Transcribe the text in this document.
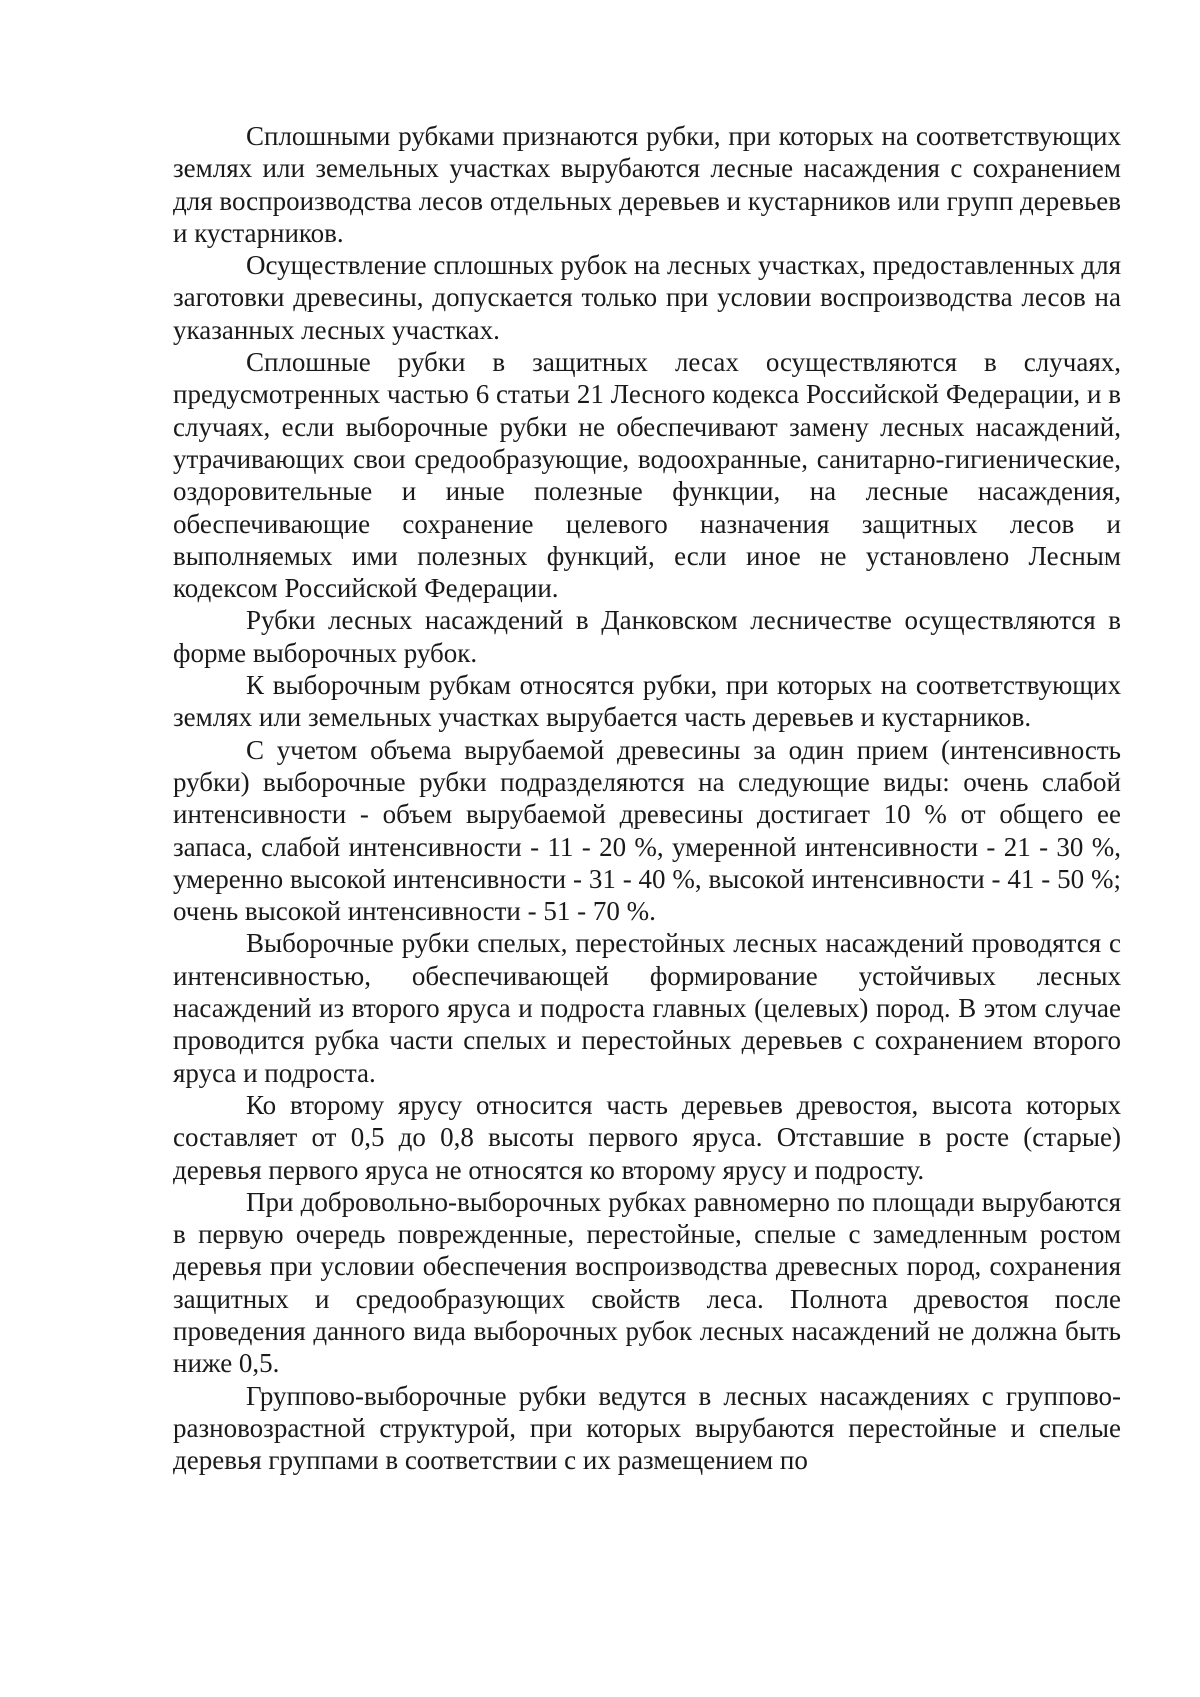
Сплошными рубками признаются рубки, при которых на соответствующих землях или земельных участках вырубаются лесные насаждения с сохранением для воспроизводства лесов отдельных деревьев и кустарников или групп деревьев и кустарников.

Осуществление сплошных рубок на лесных участках, предоставленных для заготовки древесины, допускается только при условии воспроизводства лесов на указанных лесных участках.

Сплошные рубки в защитных лесах осуществляются в случаях, предусмотренных частью 6 статьи 21 Лесного кодекса Российской Федерации, и в случаях, если выборочные рубки не обеспечивают замену лесных насаждений, утрачивающих свои средообразующие, водоохранные, санитарно-гигиенические, оздоровительные и иные полезные функции, на лесные насаждения, обеспечивающие сохранение целевого назначения защитных лесов и выполняемых ими полезных функций, если иное не установлено Лесным кодексом Российской Федерации.

Рубки лесных насаждений в Данковском лесничестве осуществляются в форме выборочных рубок.

К выборочным рубкам относятся рубки, при которых на соответствующих землях или земельных участках вырубается часть деревьев и кустарников.

С учетом объема вырубаемой древесины за один прием (интенсивность рубки) выборочные рубки подразделяются на следующие виды: очень слабой интенсивности - объем вырубаемой древесины достигает 10 % от общего ее запаса, слабой интенсивности - 11 - 20 %, умеренной интенсивности - 21 - 30 %, умеренно высокой интенсивности - 31 - 40 %, высокой интенсивности - 41 - 50 %; очень высокой интенсивности - 51 - 70 %.

Выборочные рубки спелых, перестойных лесных насаждений проводятся с интенсивностью, обеспечивающей формирование устойчивых лесных насаждений из второго яруса и подроста главных (целевых) пород. В этом случае проводится рубка части спелых и перестойных деревьев с сохранением второго яруса и подроста.

Ко второму ярусу относится часть деревьев древостоя, высота которых составляет от 0,5 до 0,8 высоты первого яруса. Отставшие в росте (старые) деревья первого яруса не относятся ко второму ярусу и подросту.

При добровольно-выборочных рубках равномерно по площади вырубаются в первую очередь поврежденные, перестойные, спелые с замедленным ростом деревья при условии обеспечения воспроизводства древесных пород, сохранения защитных и средообразующих свойств леса. Полнота древостоя после проведения данного вида выборочных рубок лесных насаждений не должна быть ниже 0,5.

Группово-выборочные рубки ведутся в лесных насаждениях с группово-разновозрастной структурой, при которых вырубаются перестойные и спелые деревья группами в соответствии с их размещением по
